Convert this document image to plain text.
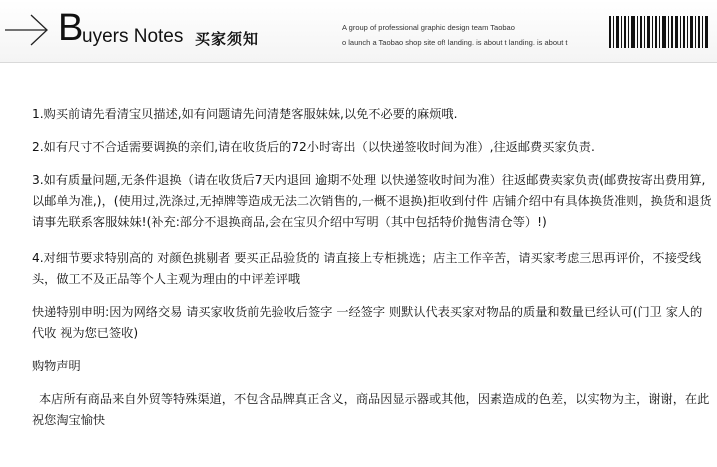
B
uyers Notes 买家须知
A group of professional graphic design team Taobao
o launch a Taobao shop site of! landing. is about t landing. is about t

1.购买前请先看清宝贝描述,如有问题请先问清楚客服妹妹,以免不必要的麻烦哦.

2.如有尺寸不合适需要调换的亲们,请在收货后的72小时寄出（以快递签收时间为准）,往返邮费买家负责.

3.如有质量问题,无条件退换（请在收货后7天内退回 逾期不处理 以快递签收时间为准）往返邮费卖家负责(邮费按寄出费用算,以邮单为准,)，(使用过,洗涤过,无掉牌等造成无法二次销售的,一概不退换)拒收到付件 店铺介绍中有具体换货准则，换货和退货请事先联系客服妹妹!(补充:部分不退换商品,会在宝贝介绍中写明（其中包括特价抛售清仓等）!)

4.对细节要求特别高的 对颜色挑剔者 要买正品验货的 请直接上专柜挑选；店主工作辛苦，请买家考虑三思再评价，不接受线头，做工不及正品等个人主观为理由的中评差评哦

快递特别申明:因为网络交易 请买家收货前先验收后签字 一经签字 则默认代表买家对物品的质量和数量已经认可(门卫 家人的代收 视为您已签收)

购物声明

本店所有商品来自外贸等特殊渠道，不包含品牌真正含义，商品因显示器或其他，因素造成的色差，以实物为主，谢谢，在此祝您淘宝愉快
